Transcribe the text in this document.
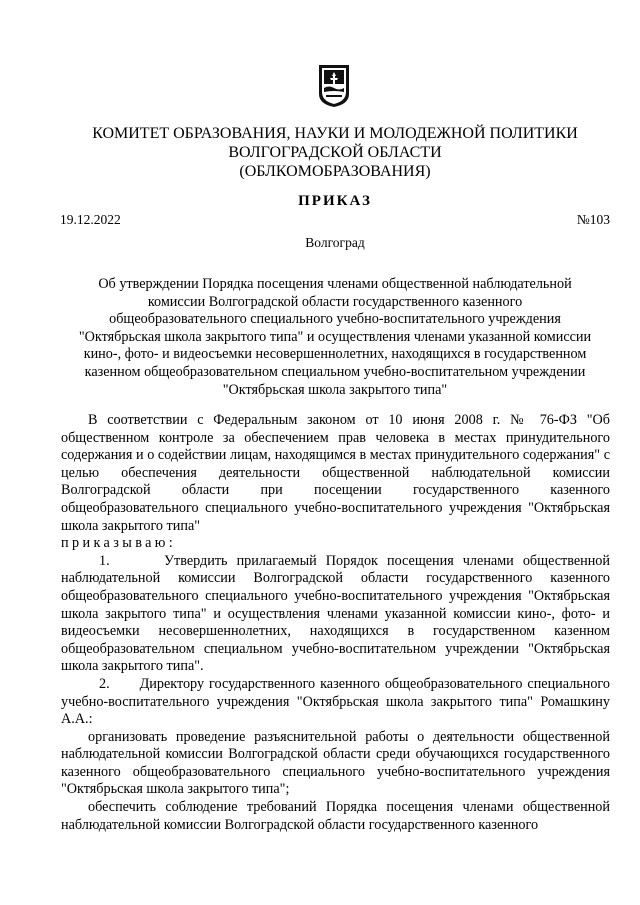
КОМИТЕТ ОБРАЗОВАНИЯ, НАУКИ И МОЛОДЕЖНОЙ ПОЛИТИКИ
ВОЛГОГРАДСКОЙ ОБЛАСТИ
(ОБЛКОМОБРАЗОВАНИЯ)
ПРИКАЗ
19.12.2022	№103
Волгоград
Об утверждении Порядка посещения членами общественной наблюдательной
комиссии Волгоградской области государственного казенного
общеобразовательного специального учебно-воспитательного учреждения
"Октябрьская школа закрытого типа" и осуществления членами указанной комиссии
кино-, фото- и видеосъемки несовершеннолетних, находящихся в государственном
казенном общеобразовательном специальном учебно-воспитательном учреждении
"Октябрьская школа закрытого типа"
В соответствии с Федеральным законом от 10 июня 2008 г. № 76-ФЗ "Об общественном контроле за обеспечением прав человека в местах принудительного содержания и о содействии лицам, находящимся в местах принудительного содержания" с целью обеспечения деятельности общественной наблюдательной комиссии Волгоградской области при посещении государственного казенного общеобразовательного специального учебно-воспитательного учреждения "Октябрьская школа закрытого типа"
приказываю:
1.      Утвердить прилагаемый Порядок посещения членами общественной наблюдательной комиссии Волгоградской области государственного казенного общеобразовательного специального учебно-воспитательного учреждения "Октябрьская школа закрытого типа" и осуществления членами указанной комиссии кино-, фото- и видеосъемки несовершеннолетних, находящихся в государственном казенном общеобразовательном специальном учебно-воспитательном учреждении "Октябрьская школа закрытого типа".
2.      Директору государственного казенного общеобразовательного специального учебно-воспитательного учреждения "Октябрьская школа закрытого типа" Ромашкину А.А.:
организовать проведение разъяснительной работы о деятельности общественной наблюдательной комиссии Волгоградской области среди обучающихся государственного казенного общеобразовательного специального учебно-воспитательного учреждения "Октябрьская школа закрытого типа";
обеспечить соблюдение требований Порядка посещения членами общественной наблюдательной комиссии Волгоградской области государственного казенного
